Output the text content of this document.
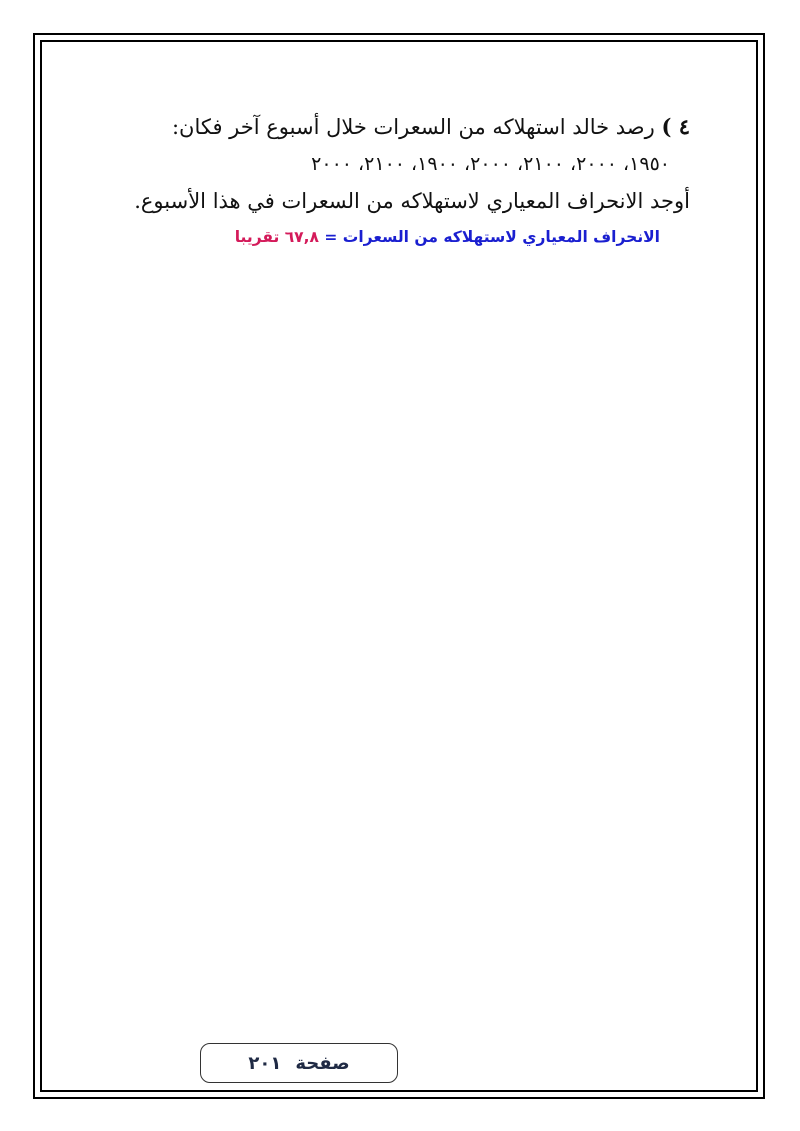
٤ ) رصد خالد استهلاكه من السعرات خلال أسبوع آخر فكان:
١٩٥٠، ٢٠٠٠، ٢١٠٠، ٢٠٠٠، ١٩٠٠، ٢١٠٠، ٢٠٠٠
أوجد الانحراف المعياري لاستهلاكه من السعرات في هذا الأسبوع.
الانحراف المعياري لاستهلاكه من السعرات = ٦٧,٨ تقريبا
صفحة
٢٠١
